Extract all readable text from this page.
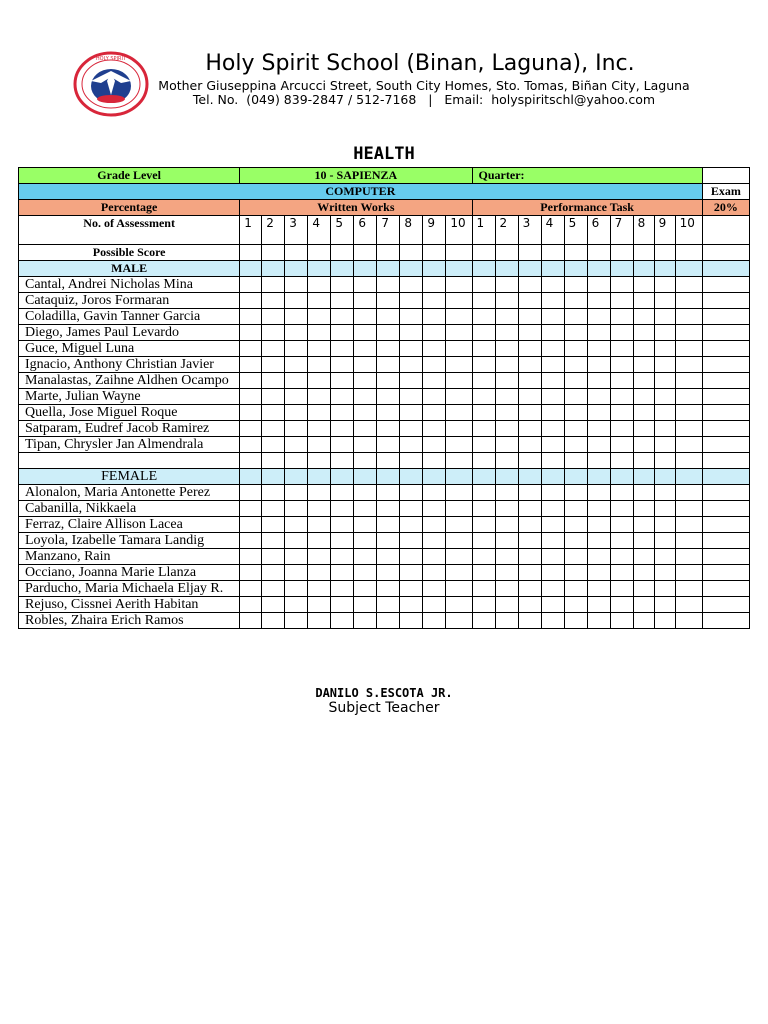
HOLY SPIRIT	Holy Spirit School (Binan, Laguna), Inc.
Mother Giuseppina Arcucci Street, South City Homes, Sto. Tomas, Biñan City, Laguna
Tel. No.  (049) 839-2847 / 512-7168   |   Email:  holyspiritschl@yahoo.com
HEALTH
Grade Level	10 - SAPIENZA										Quarter:										
COMPUTER																					Exam
Percentage	Written Works										Performance Task										20%
No. of Assessment	1	2	3	4	5	6	7	8	9	10	1	2	3	4	5	6	7	8	9	10	
Possible Score																					
MALE																					
Cantal, Andrei Nicholas Mina																					
Cataquiz, Joros Formaran																					
Coladilla, Gavin Tanner Garcia																					
Diego, James Paul Levardo																					
Guce, Miguel Luna																					
Ignacio, Anthony Christian Javier																					
Manalastas, Zaihne Aldhen Ocampo																					
Marte, Julian Wayne																					
Quella, Jose Miguel Roque																					
Satparam, Eudref Jacob Ramirez																					
Tipan, Chrysler Jan Almendrala																					

FEMALE																					
Alonalon, Maria Antonette Perez																					
Cabanilla, Nikkaela																					
Ferraz, Claire Allison Lacea																					
Loyola, Izabelle Tamara Landig																					
Manzano, Rain																					
Occiano, Joanna Marie Llanza																					
Parducho, Maria Michaela Eljay R.																					
Rejuso, Cissnei Aerith Habitan																					
Robles, Zhaira Erich Ramos																					
DANILO S.ESCOTA JR.
Subject Teacher
